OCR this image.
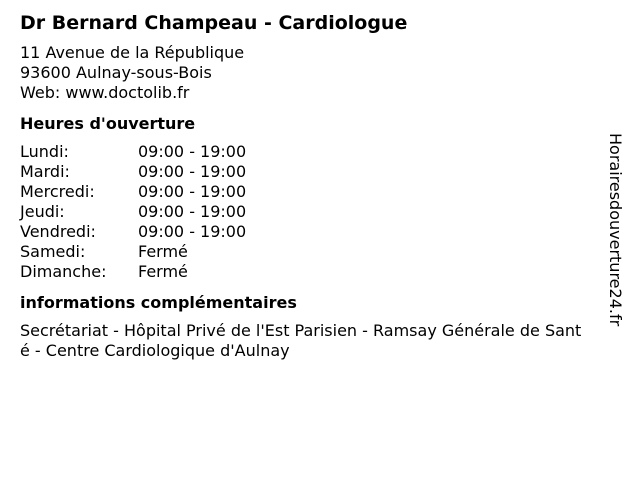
Dr Bernard Champeau - Cardiologue
11 Avenue de la République
93600 Aulnay-sous-Bois
Web: www.doctolib.fr
Heures d'ouverture
Lundi:	09:00 - 19:00
Mardi:	09:00 - 19:00
Mercredi:	09:00 - 19:00
Jeudi:	09:00 - 19:00
Vendredi:	09:00 - 19:00
Samedi:	Fermé
Dimanche:	Fermé
informations complémentaires
Secrétariat - Hôpital Privé de l'Est Parisien - Ramsay Générale de Santé - Centre Cardiologique d'Aulnay
Horairesdouverture24.fr
